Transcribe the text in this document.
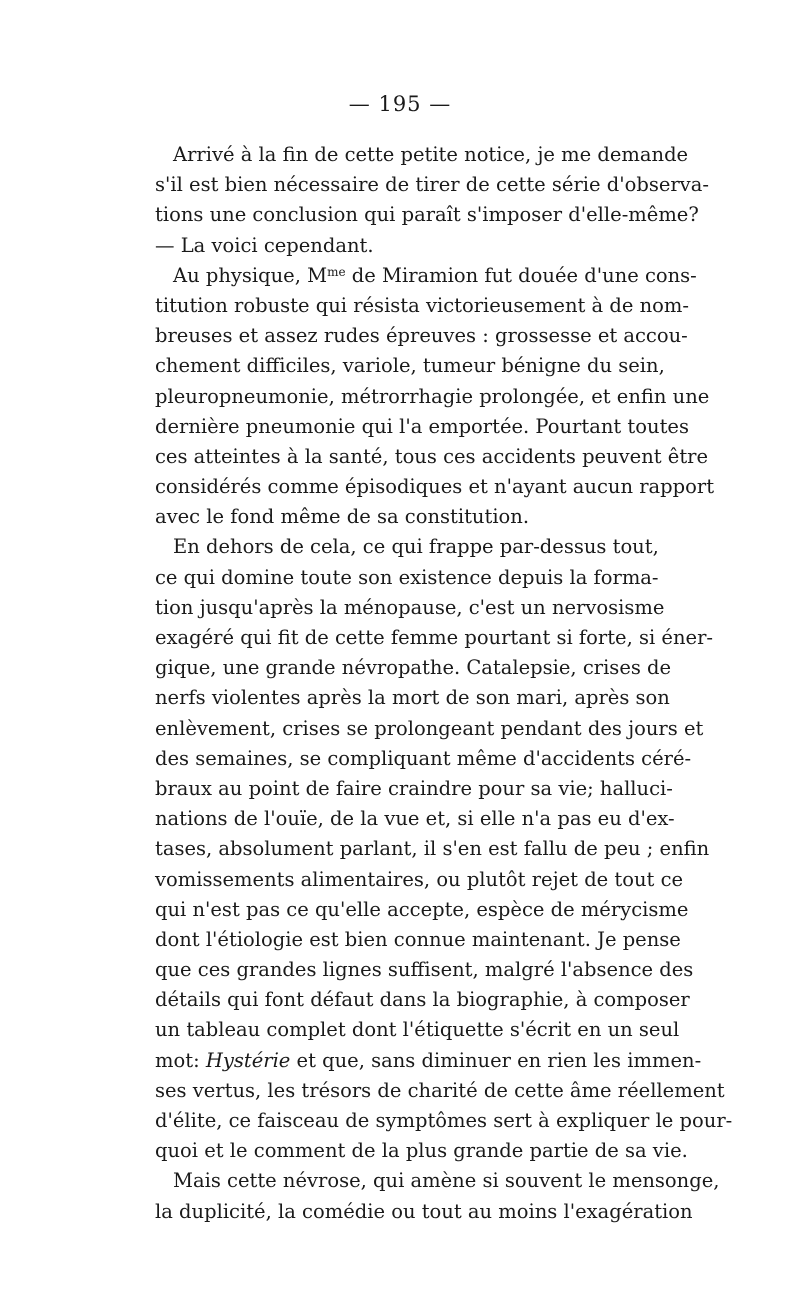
— 195 —
Arrivé à la fin de cette petite notice, je me demande
s'il est bien nécessaire de tirer de cette série d'observa-
tions une conclusion qui paraît s'imposer d'elle-même?
— La voici cependant.
Au physique, $M^{me}$ de Miramion fut douée d'une cons-
titution robuste qui résista victorieusement à de nom-
breuses et assez rudes épreuves : grossesse et accou-
chement difficiles, variole, tumeur bénigne du sein,
pleuropneumonie, métrorrhagie prolongée, et enfin une
dernière pneumonie qui l'a emportée. Pourtant toutes
ces atteintes à la santé, tous ces accidents peuvent être
considérés comme épisodiques et n'ayant aucun rapport
avec le fond même de sa constitution.
En dehors de cela, ce qui frappe par-dessus tout,
ce qui domine toute son existence depuis la forma-
tion jusqu'après la ménopause, c'est un nervosisme
exagéré qui fit de cette femme pourtant si forte, si éner-
gique, une grande névropathe. Catalepsie, crises de
nerfs violentes après la mort de son mari, après son
enlèvement, crises se prolongeant pendant des jours et
des semaines, se compliquant même d'accidents céré-
braux au point de faire craindre pour sa vie; halluci-
nations de l'ouïe, de la vue et, si elle n'a pas eu d'ex-
tases, absolument parlant, il s'en est fallu de peu ; enfin
vomissements alimentaires, ou plutôt rejet de tout ce
qui n'est pas ce qu'elle accepte, espèce de mérycisme
dont l'étiologie est bien connue maintenant. Je pense
que ces grandes lignes suffisent, malgré l'absence des
détails qui font défaut dans la biographie, à composer
un tableau complet dont l'étiquette s'écrit en un seul
mot: Hystérie et que, sans diminuer en rien les immen-
ses vertus, les trésors de charité de cette âme réellement
d'élite, ce faisceau de symptômes sert à expliquer le pour-
quoi et le comment de la plus grande partie de sa vie.
Mais cette névrose, qui amène si souvent le mensonge,
la duplicité, la comédie ou tout au moins l'exagération
